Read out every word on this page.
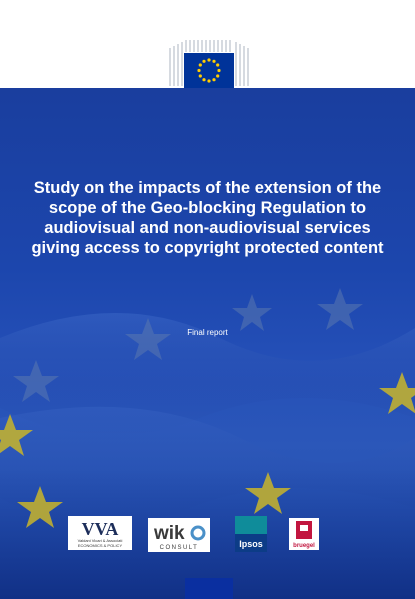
Study on the impacts of the extension of the scope of the Geo-blocking Regulation to audiovisual and non-audiovisual services giving access to copyright protected content
Final report
VVA
Valdani Vicari & Associati
ECONOMICS & POLICY
wik
CONSULT	Ipsos	bruegel
